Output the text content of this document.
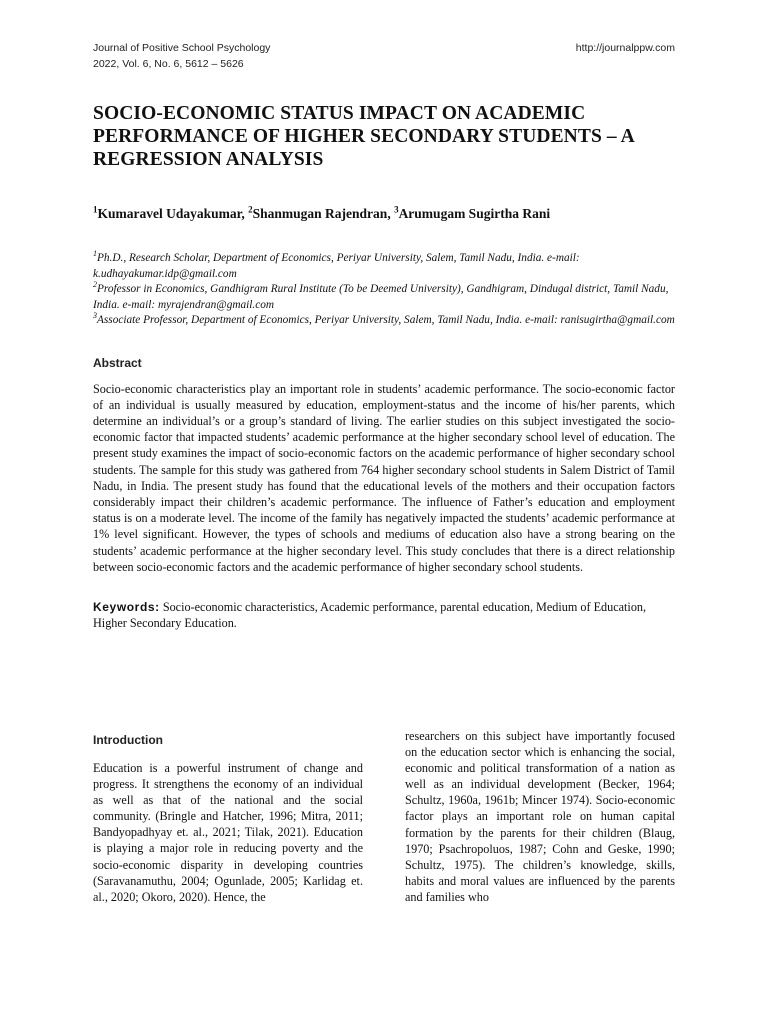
Journal of Positive School Psychology
2022, Vol. 6, No. 6, 5612 – 5626
http://journalppw.com
SOCIO-ECONOMIC STATUS IMPACT ON ACADEMIC PERFORMANCE OF HIGHER SECONDARY STUDENTS – A REGRESSION ANALYSIS
$^1$Kumaravel Udayakumar, $^2$Shanmugan Rajendran, $^3$Arumugam Sugirtha Rani
$^1$Ph.D., Research Scholar, Department of Economics, Periyar University, Salem, Tamil Nadu, India. e-mail: k.udhayakumar.idp@gmail.com
$^2$Professor in Economics, Gandhigram Rural Institute (To be Deemed University), Gandhigram, Dindugal district, Tamil Nadu, India. e-mail: myrajendran@gmail.com
$^3$Associate Professor, Department of Economics, Periyar University, Salem, Tamil Nadu, India. e-mail: ranisugirtha@gmail.com
Abstract
Socio-economic characteristics play an important role in students’ academic performance. The socio-economic factor of an individual is usually measured by education, employment-status and the income of his/her parents, which determine an individual’s or a group’s standard of living. The earlier studies on this subject investigated the socio-economic factor that impacted students’ academic performance at the higher secondary school level of education. The present study examines the impact of socio-economic factors on the academic performance of higher secondary school students. The sample for this study was gathered from 764 higher secondary school students in Salem District of Tamil Nadu, in India. The present study has found that the educational levels of the mothers and their occupation factors considerably impact their children’s academic performance. The influence of Father’s education and employment status is on a moderate level. The income of the family has negatively impacted the students’ academic performance at 1% level significant. However, the types of schools and mediums of education also have a strong bearing on the students’ academic performance at the higher secondary level. This study concludes that there is a direct relationship between socio-economic factors and the academic performance of higher secondary school students.
Keywords: Socio-economic characteristics, Academic performance, parental education, Medium of Education, Higher Secondary Education.
Introduction
Education is a powerful instrument of change and progress. It strengthens the economy of an individual as well as that of the national and the social community. (Bringle and Hatcher, 1996; Mitra, 2011; Bandyopadhyay et. al., 2021; Tilak, 2021). Education is playing a major role in reducing poverty and the socio-economic disparity in developing countries (Saravanamuthu, 2004; Ogunlade, 2005; Karlidag et. al., 2020; Okoro, 2020). Hence, the
researchers on this subject have importantly focused on the education sector which is enhancing the social, economic and political transformation of a nation as well as an individual development (Becker, 1964; Schultz, 1960a, 1961b; Mincer 1974). Socio-economic factor plays an important role on human capital formation by the parents for their children (Blaug, 1970; Psachropoluos, 1987; Cohn and Geske, 1990; Schultz, 1975). The children’s knowledge, skills, habits and moral values are influenced by the parents and families who
